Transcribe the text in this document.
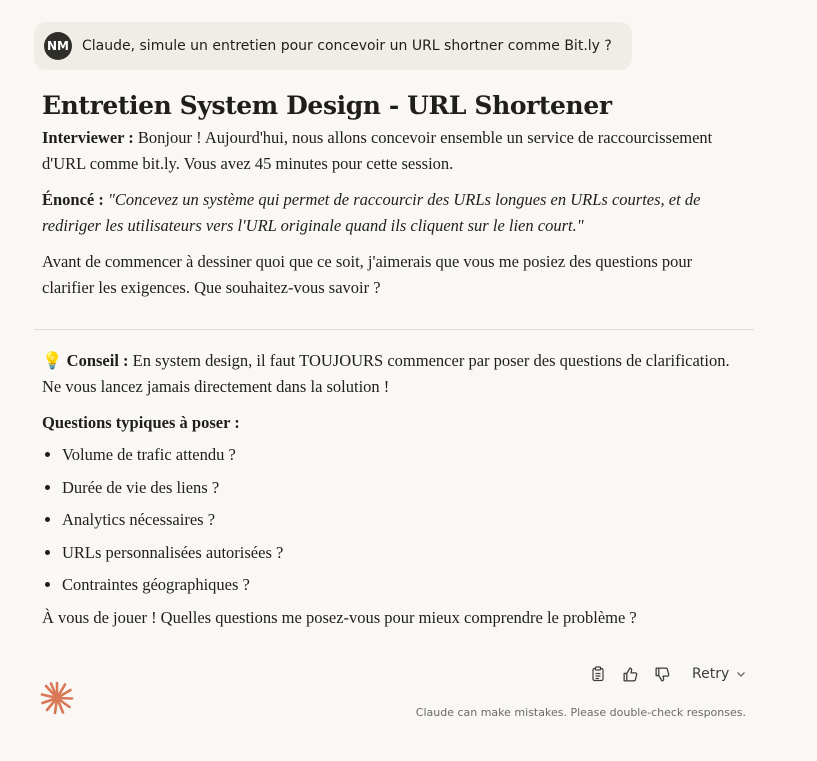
NM Claude, simule un entretien pour concevoir un URL shortner comme Bit.ly ?
Entretien System Design - URL Shortener

Interviewer : Bonjour ! Aujourd'hui, nous allons concevoir ensemble un service de raccourcissement d'URL comme bit.ly. Vous avez 45 minutes pour cette session.

Énoncé : "Concevez un système qui permet de raccourcir des URLs longues en URLs courtes, et de rediriger les utilisateurs vers l'URL originale quand ils cliquent sur le lien court."

Avant de commencer à dessiner quoi que ce soit, j'aimerais que vous me posiez des questions pour clarifier les exigences. Que souhaitez-vous savoir ?

💡 Conseil : En system design, il faut TOUJOURS commencer par poser des questions de clarification. Ne vous lancez jamais directement dans la solution !

Questions typiques à poser :

• Volume de trafic attendu ?
• Durée de vie des liens ?
• Analytics nécessaires ?
• URLs personnalisées autorisées ?
• Contraintes géographiques ?

À vous de jouer ! Quelles questions me posez-vous pour mieux comprendre le problème ?

Retry
Claude can make mistakes. Please double-check responses.
